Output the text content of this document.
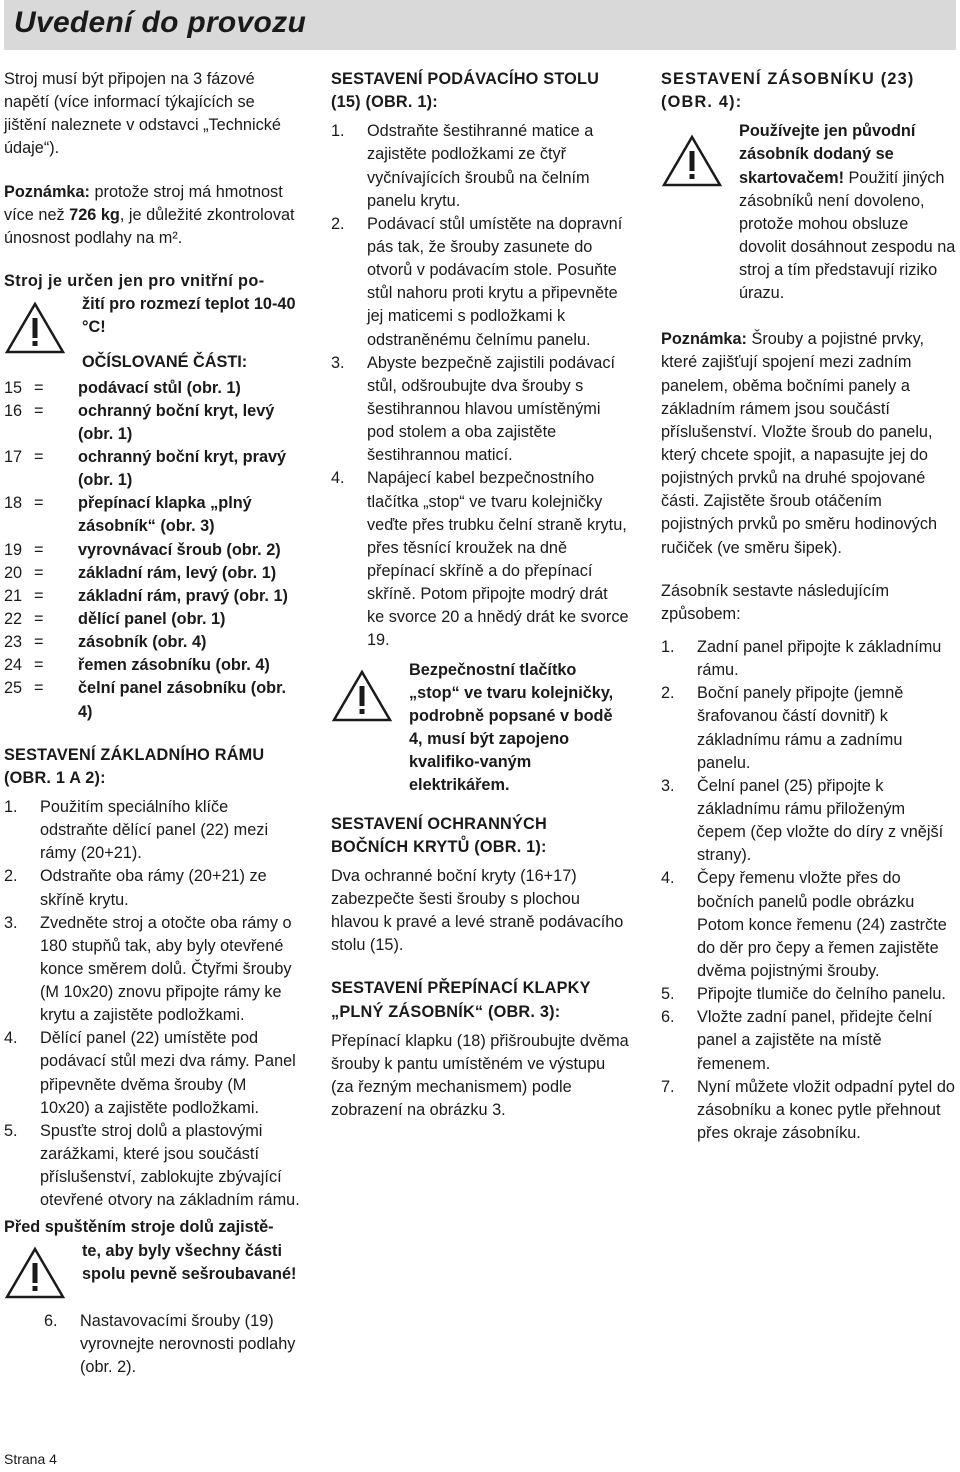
Uvedení do provozu

Stroj musí být připojen na 3 fázové napětí (více informací týkajících se jištění naleznete v odstavci „Technické údaje“).

Poznámka: protože stroj má hmotnost více než 726 kg, je důležité zkontrolovat únosnost podlahy na m².

Stroj je určen jen pro vnitřní po-

žití pro rozmezí teplot 10-40 °C!

OČÍSLOVANÉ ČÁSTI:

15 =	podávací stůl (obr. 1)
16 =	ochranný boční kryt, levý (obr. 1)
17 =	ochranný boční kryt, pravý (obr. 1)
18 =	přepínací klapka „plný zásobník“ (obr. 3)
19 =	vyrovnávací šroub (obr. 2)
20 =	základní rám, levý (obr. 1)
21 =	základní rám, pravý (obr. 1)
22 =	dělící panel (obr. 1)
23 =	zásobník (obr. 4)
24 =	řemen zásobníku (obr. 4)
25 =	čelní panel zásobníku (obr. 4)

SESTAVENÍ ZÁKLADNÍHO RÁMU (OBR. 1 A 2):

1.	Použitím speciálního klíče odstraňte dělící panel (22) mezi rámy (20+21).
2.	Odstraňte oba rámy (20+21) ze skříně krytu.
3.	Zvedněte stroj a otočte oba rámy o 180 stupňů tak, aby byly otevřené konce směrem dolů. Čtyřmi šrouby (M 10x20) znovu připojte rámy ke krytu a zajistěte podložkami.
4.	Dělící panel (22) umístěte pod podávací stůl mezi dva rámy. Panel připevněte dvěma šrouby (M 10x20) a zajistěte podložkami.
5.	Spusťte stroj dolů a plastovými zarážkami, které jsou součástí příslušenství, zablokujte zbývající otevřené otvory na základním rámu.

Před spuštěním stroje dolů zajistě-

te, aby byly všechny části spolu pevně sešroubavané!

6.	Nastavovacími šrouby (19) vyrovnejte nerovnosti podlahy (obr. 2).

SESTAVENÍ PODÁVACÍHO STOLU (15) (OBR. 1):

1.	Odstraňte šestihranné matice a zajistěte podložkami ze čtyř vyčnívajících šroubů na čelním panelu krytu.
2.	Podávací stůl umístěte na dopravní pás tak, že šrouby zasunete do otvorů v podávacím stole. Posuňte stůl nahoru proti krytu a připevněte jej maticemi s podložkami k odstraněnému čelnímu panelu.
3.	Abyste bezpečně zajistili podávací stůl, odšroubujte dva šrouby s šestihrannou hlavou umístěnými pod stolem a oba zajistěte šestihrannou maticí.
4.	Napájecí kabel bezpečnostního tlačítka „stop“ ve tvaru kolejničky veďte přes trubku čelní straně krytu, přes těsnící kroužek na dně přepínací skříně a do přepínací skříně. Potom připojte modrý drát ke svorce 20 a hnědý drát ke svorce 19.

Bezpečnostní tlačítko „stop“ ve tvaru kolejničky, podrobně popsané v bodě 4, musí být zapojeno kvalifiko-vaným elektrikářem.

SESTAVENÍ OCHRANNÝCH BOČNÍCH KRYTŮ (OBR. 1):

Dva ochranné boční kryty (16+17) zabezpečte šesti šrouby s plochou hlavou k pravé a levé straně podávacího stolu (15).

SESTAVENÍ PŘEPÍNACÍ KLAPKY „PLNÝ ZÁSOBNÍK“ (OBR. 3):

Přepínací klapku (18) přišroubujte dvěma šrouby k pantu umístěném ve výstupu (za řezným mechanismem) podle zobrazení na obrázku 3.

SESTAVENÍ ZÁSOBNÍKU (23) (OBR. 4):

Používejte jen původní zásobník dodaný se skartovačem! Použití jiných zásobníků není dovoleno, protože mohou obsluze dovolit dosáhnout zespodu na stroj a tím představují riziko úrazu.

Poznámka: Šrouby a pojistné prvky, které zajišťují spojení mezi zadním panelem, oběma bočními panely a základním rámem jsou součástí příslušenství. Vložte šroub do panelu, který chcete spojit, a napasujte jej do pojistných prvků na druhé spojované části. Zajistěte šroub otáčením pojistných prvků po směru hodinových ručiček (ve směru šipek).

Zásobník sestavte následujícím způsobem:

1.	Zadní panel připojte k základnímu rámu.
2.	Boční panely připojte (jemně šrafovanou částí dovnitř) k základnímu rámu a zadnímu panelu.
3.	Čelní panel (25) připojte k základnímu rámu přiloženým čepem (čep vložte do díry z vnější strany).
4.	Čepy řemenu vložte přes do bočních panelů podle obrázku Potom konce řemenu (24) zastrčte do děr pro čepy a řemen zajistěte dvěma pojistnými šrouby.
5.	Připojte tlumiče do čelního panelu.
6.	Vložte zadní panel, přidejte čelní panel a zajistěte na místě řemenem.
7.	Nyní můžete vložit odpadní pytel do zásobníku a konec pytle přehnout přes okraje zásobníku.
Strana 4
